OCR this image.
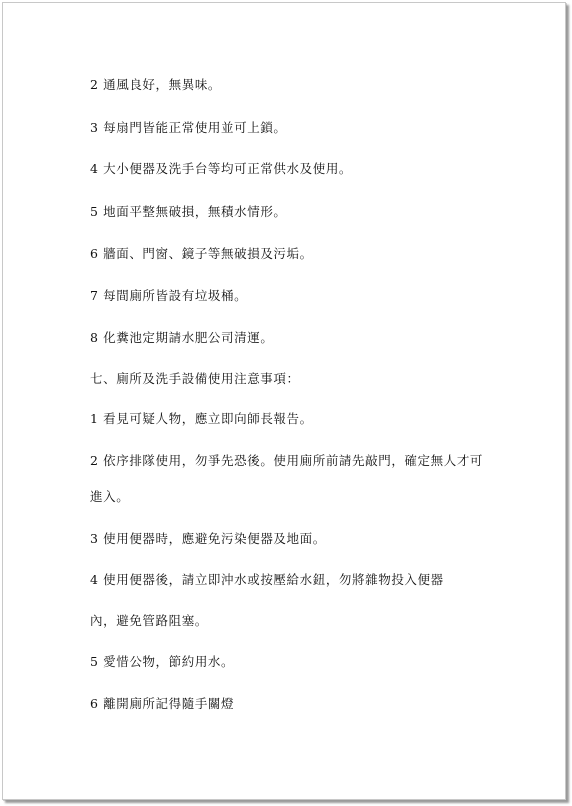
2 通風良好，無異味。
3 每扇門皆能正常使用並可上鎖。
4 大小便器及洗手台等均可正常供水及使用。
5 地面平整無破損，無積水情形。
6 牆面、門窗、鏡子等無破損及污垢。
7 每間廁所皆設有垃圾桶。
8 化糞池定期請水肥公司清運。
七、廁所及洗手設備使用注意事項：
1 看見可疑人物，應立即向師長報告。
2 依序排隊使用，勿爭先恐後。使用廁所前請先敲門，確定無人才可
進入。
3 使用便器時，應避免污染便器及地面。
4 使用便器後，請立即沖水或按壓給水鈕，勿將雜物投入便器
內，避免管路阻塞。
5 愛惜公物，節約用水。
6 離開廁所記得隨手關燈
